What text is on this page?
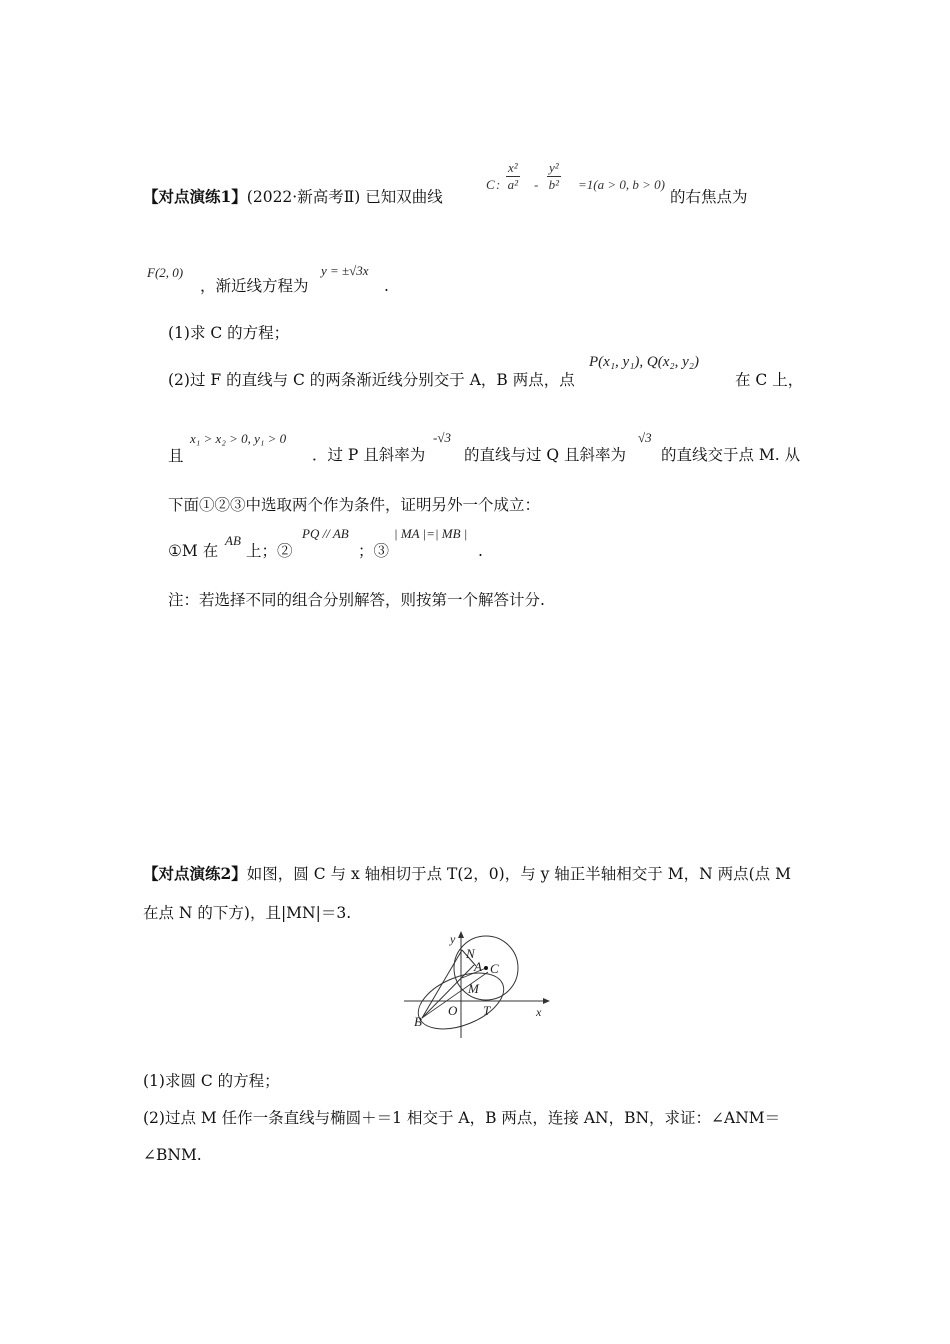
【对点演练1】(2022·新高考Ⅱ) 已知双曲线
C : $\frac{\text{x²}}{\text{a²}} - \frac{\text{y²}}{\text{b²}} =1(a > 0$, b > 0)
的右焦点为
F(2, 0)
，渐近线方程为
y = ±√3x
.
(1)求 C 的方程；
(2)过 F 的直线与 C 的两条渐近线分别交于 A，B 两点，点
P(x₁, y₁), Q(x₂, y₂)
在 C 上，
且
x₁ > x₂ > 0, y₁ > 0
．过 P 且斜率为
-√3
的直线与过 Q 且斜率为
√3
的直线交于点 M. 从
下面①②③中选取两个作为条件，证明另外一个成立：
①M 在
AB
上；②
PQ // AB
；③
| MA |=| MB |
.
注：若选择不同的组合分别解答，则按第一个解答计分.
【对点演练2】如图，圆 C 与 x 轴相切于点 T(2，0)，与 y 轴正半轴相交于 M，N 两点(点 M
在点 N 的下方)，且|MN|＝3.
y
x
N
A C
M
O T
B
(1)求圆 C 的方程；
(2)过点 M 任作一条直线与椭圆＋＝1 相交于 A，B 两点，连接 AN，BN，求证：∠ANM＝
∠BNM.
